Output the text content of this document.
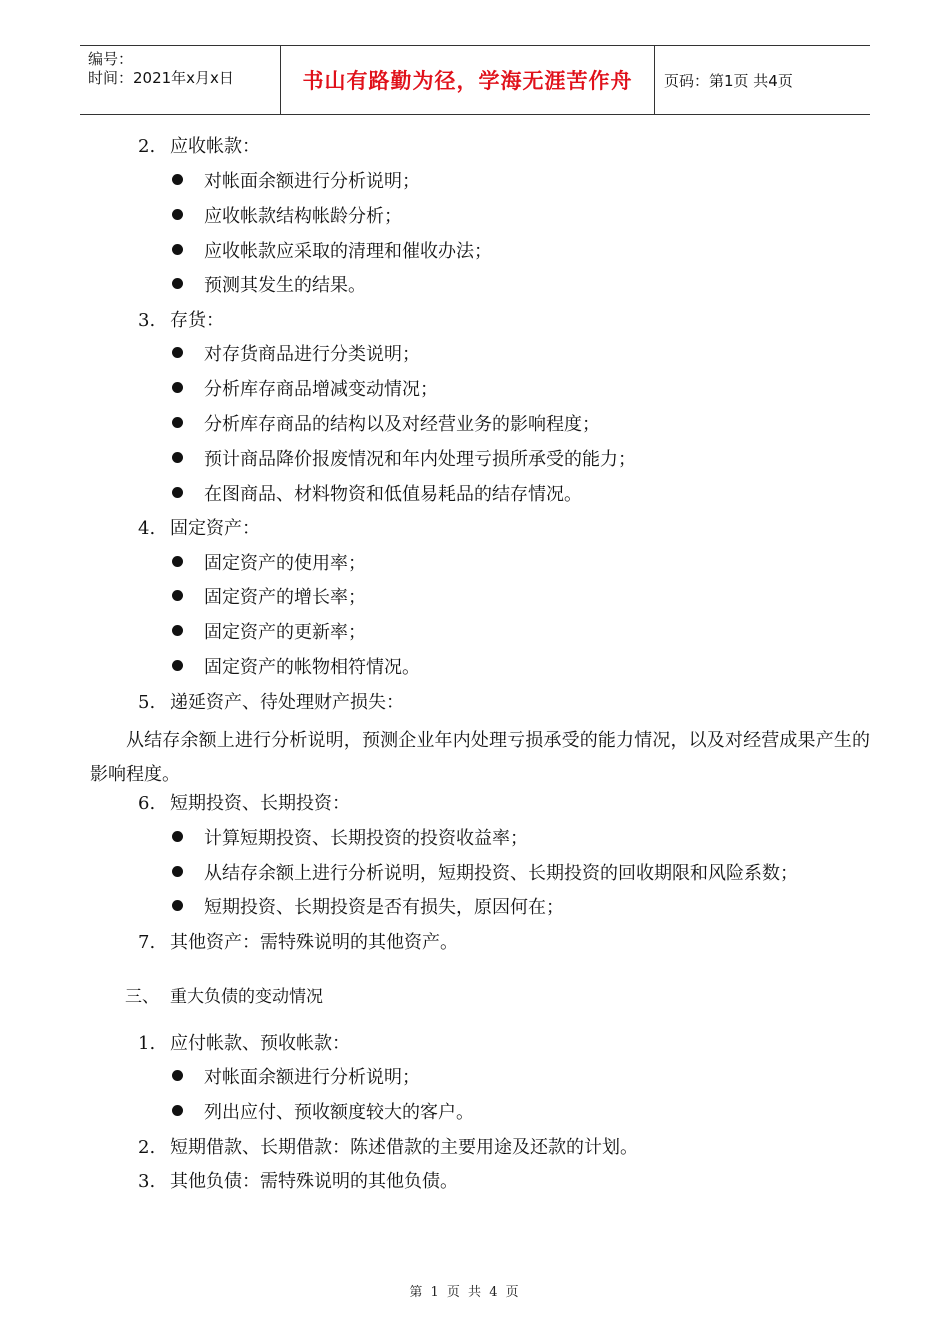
编号：
时间：2021年x月x日	书山有路勤为径，学海无涯苦作舟	页码：第1页 共4页
2. 应收帐款：
对帐面余额进行分析说明；
应收帐款结构帐龄分析；
应收帐款应采取的清理和催收办法；
预测其发生的结果。
3. 存货：
对存货商品进行分类说明；
分析库存商品增减变动情况；
分析库存商品的结构以及对经营业务的影响程度；
预计商品降价报废情况和年内处理亏损所承受的能力；
在图商品、材料物资和低值易耗品的结存情况。
4. 固定资产：
固定资产的使用率；
固定资产的增长率；
固定资产的更新率；
固定资产的帐物相符情况。
5. 递延资产、待处理财产损失：
从结存余额上进行分析说明，预测企业年内处理亏损承受的能力情况，以及对经营成果产生的影响程度。
6. 短期投资、长期投资：
计算短期投资、长期投资的投资收益率；
从结存余额上进行分析说明，短期投资、长期投资的回收期限和风险系数；
短期投资、长期投资是否有损失，原因何在；
7. 其他资产：需特殊说明的其他资产。
三、 重大负债的变动情况
1. 应付帐款、预收帐款：
对帐面余额进行分析说明；
列出应付、预收额度较大的客户。
2. 短期借款、长期借款：陈述借款的主要用途及还款的计划。
3. 其他负债：需特殊说明的其他负债。
第 1 页 共 4 页
